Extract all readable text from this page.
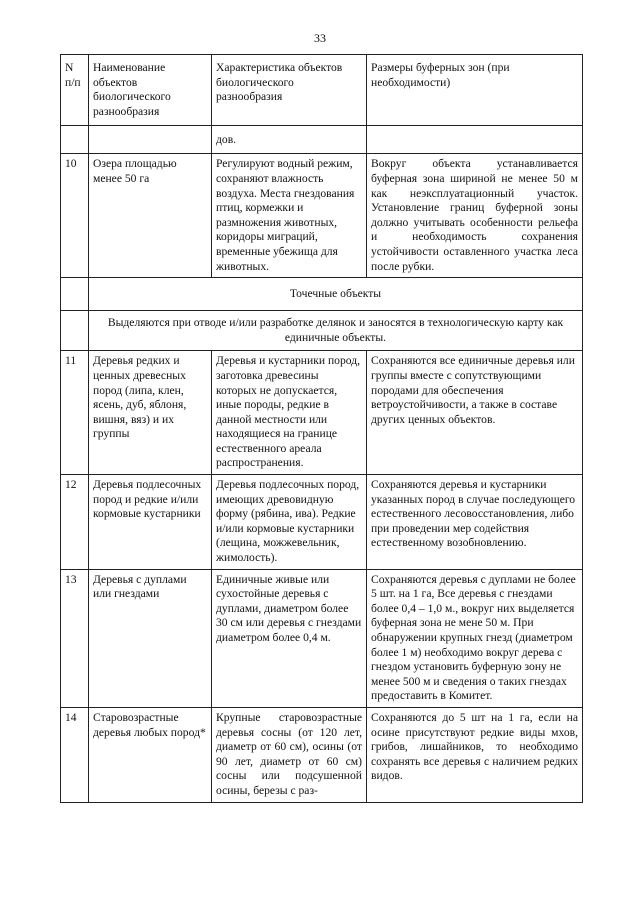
33
N п/п	Наименование объектов биологического разнообразия	Характеристика объектов биологического разнообразия	Размеры буферных зон (при необходимости)
		дов.	
10	Озера площадью менее 50 га	Регулируют водный режим, сохраняют влажность воздуха. Места гнездования птиц, кормежки и размножения животных, коридоры миграций, временные убежища для животных.	Вокруг объекта устанавливается буферная зона шириной не менее 50 м как неэксплуатационный участок. Установление границ буферной зоны должно учитывать особенности рельефа и необходимость сохранения устойчивости оставленного участка леса после рубки.
	Точечные объекты		
	Выделяются при отводе и/или разработке делянок и заносятся в технологическую карту как единичные объекты.		
11	Деревья редких и ценных древесных пород (липа, клен, ясень, дуб, яблоня, вишня, вяз) и их группы	Деревья и кустарники пород, заготовка древесины которых не допускается, иные породы, редкие в данной местности или находящиеся на границе естественного ареала распространения.	Сохраняются все единичные деревья или группы вместе с сопутствующими породами для обеспечения ветроустойчивости, а также в составе других ценных объектов.
12	Деревья подлесочных пород и редкие и/или кормовые кустарники	Деревья подлесочных пород, имеющих древовидную форму (рябина, ива). Редкие и/или кормовые кустарники (лещина, можжевельник, жимолость).	Сохраняются деревья и кустарники указанных пород в случае последующего естественного лесовосстановления, либо при проведении мер содействия естественному возобновлению.
13	Деревья с дуплами или гнездами	Единичные живые или сухостойные деревья с дуплами, диаметром более 30 см или деревья с гнездами диаметром более 0,4 м.	Сохраняются деревья с дуплами не более 5 шт. на 1 га, Все деревья с гнездами более 0,4 – 1,0 м., вокруг них выделяется буферная зона не мене 50 м. При обнаружении крупных гнезд (диаметром более 1 м) необходимо вокруг дерева с гнездом установить буферную зону не менее 500 м и сведения о таких гнездах предоставить в Комитет.
14	Старовозрастные деревья любых пород*	Крупные старовозрастные деревья сосны (от 120 лет, диаметр от 60 см), осины (от 90 лет, диаметр от 60 см) сосны или подсушенной осины, березы с раз-	Сохраняются до 5 шт на 1 га, если на осине присутствуют редкие виды мхов, грибов, лишайников, то необходимо сохранять все деревья с наличием редких видов.
